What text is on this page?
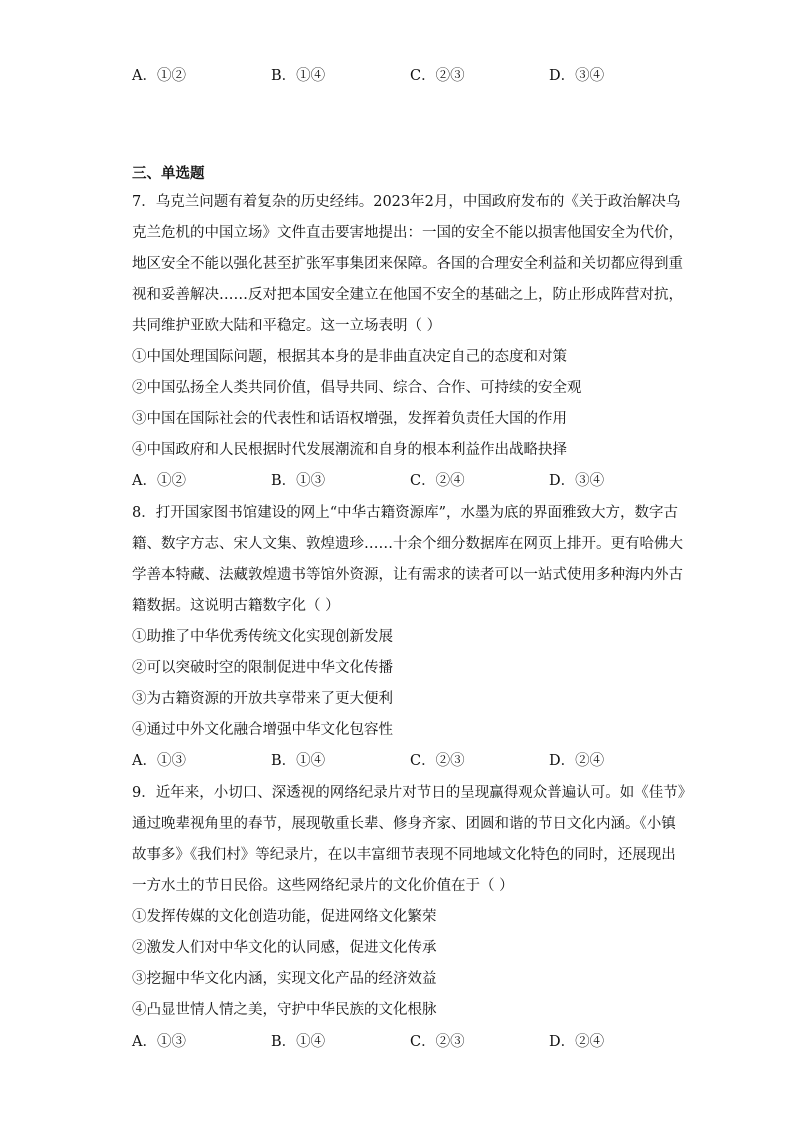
A．①②	B．①④	C．②③	D．③④
三、单选题
7．乌克兰问题有着复杂的历史经纬。2023年2月，中国政府发布的《关于政治解决乌
克兰危机的中国立场》文件直击要害地提出：一国的安全不能以损害他国安全为代价，
地区安全不能以强化甚至扩张军事集团来保障。各国的合理安全利益和关切都应得到重
视和妥善解决……反对把本国安全建立在他国不安全的基础之上，防止形成阵营对抗，
共同维护亚欧大陆和平稳定。这一立场表明（ ）
①中国处理国际问题，根据其本身的是非曲直决定自己的态度和对策
②中国弘扬全人类共同价值，倡导共同、综合、合作、可持续的安全观
③中国在国际社会的代表性和话语权增强，发挥着负责任大国的作用
④中国政府和人民根据时代发展潮流和自身的根本利益作出战略抉择
A．①②	B．①③	C．②④	D．③④
8．打开国家图书馆建设的网上“中华古籍资源库”，水墨为底的界面雅致大方，数字古
籍、数字方志、宋人文集、敦煌遗珍……十余个细分数据库在网页上排开。更有哈佛大
学善本特藏、法藏敦煌遗书等馆外资源，让有需求的读者可以一站式使用多种海内外古
籍数据。这说明古籍数字化（ ）
①助推了中华优秀传统文化实现创新发展
②可以突破时空的限制促进中华文化传播
③为古籍资源的开放共享带来了更大便利
④通过中外文化融合增强中华文化包容性
A．①③	B．①④	C．②③	D．②④
9．近年来，小切口、深透视的网络纪录片对节日的呈现赢得观众普遍认可。如《佳节》
通过晚辈视角里的春节，展现敬重长辈、修身齐家、团圆和谐的节日文化内涵。《小镇
故事多》《我们村》等纪录片，在以丰富细节表现不同地域文化特色的同时，还展现出
一方水土的节日民俗。这些网络纪录片的文化价值在于（ ）
①发挥传媒的文化创造功能，促进网络文化繁荣
②激发人们对中华文化的认同感，促进文化传承
③挖掘中华文化内涵，实现文化产品的经济效益
④凸显世情人情之美，守护中华民族的文化根脉
A．①③	B．①④	C．②③	D．②④
